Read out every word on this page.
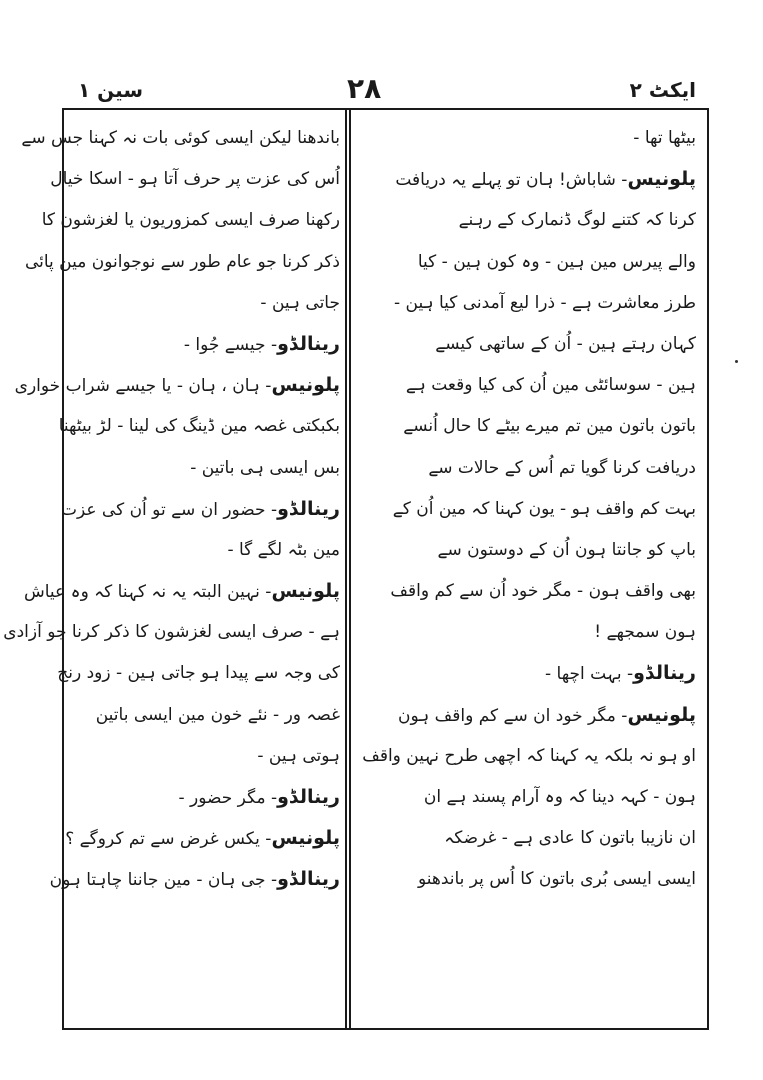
سین ۱	۲۸	ایکٹ ۲
بیٹھا تھا -
پلونیس- شاباش! ہان تو پہلے یہ دریافت
کرنا کہ کتنے لوگ ڈنمارک کے رہنے
والے پیرس مین ہین - وہ کون ہین - کیا
طرز معاشرت ہے - ذرا لیع آمدنی کیا ہین -
کہان رہتے ہین - اُن کے ساتھی کیسے
ہین - سوسائٹی مین اُن کی کیا وقعت ہے
باتون باتون مین تم میرے بیٹے کا حال اُنسے
دریافت کرنا گویا تم اُس کے حالات سے
بہت کم واقف ہو - یون کہنا کہ مین اُن کے
باپ کو جانتا ہون اُن کے دوستون سے
بھی واقف ہون - مگر خود اُن سے کم واقف
ہون سمجھے !
رینالڈو- بہت اچھا -
پلونیس- مگر خود ان سے کم واقف ہون
او ہو نہ بلکہ یہ کہنا کہ اچھی طرح نہین واقف
ہون - کہہ دینا کہ وہ آرام پسند ہے ان
ان نازیبا باتون کا عادی ہے - غرضکہ
ایسی ایسی بُری باتون کا اُس پر باندھنو
باندھنا لیکن ایسی کوئی بات نہ کہنا جس سے
اُس کی عزت پر حرف آتا ہو - اسکا خیال
رکھنا صرف ایسی کمزوریون یا لغزشون کا
ذکر کرنا جو عام طور سے نوجوانون مین پائی
جاتی ہین -
رینالڈو- جیسے جُوا -
پلونیس- ہان ، ہان - یا جیسے شراب خواری
بکبکتی غصہ مین ڈینگ کی لینا - لڑ بیٹھنا
بس ایسی ہی باتین -
رینالڈو- حضور ان سے تو اُن کی عزت
مین بٹہ لگے گا -
پلونیس- نہین البتہ یہ نہ کہنا کہ وہ عیاش
ہے - صرف ایسی لغزشون کا ذکر کرنا جو آزادی
کی وجہ سے پیدا ہو جاتی ہین - زود رنج
غصہ ور - نئے خون مین ایسی باتین
ہوتی ہین -
رینالڈو- مگر حضور -
پلونیس- یکس غرض سے تم کروگے ؟
رینالڈو- جی ہان - مین جاننا چاہتا ہون
